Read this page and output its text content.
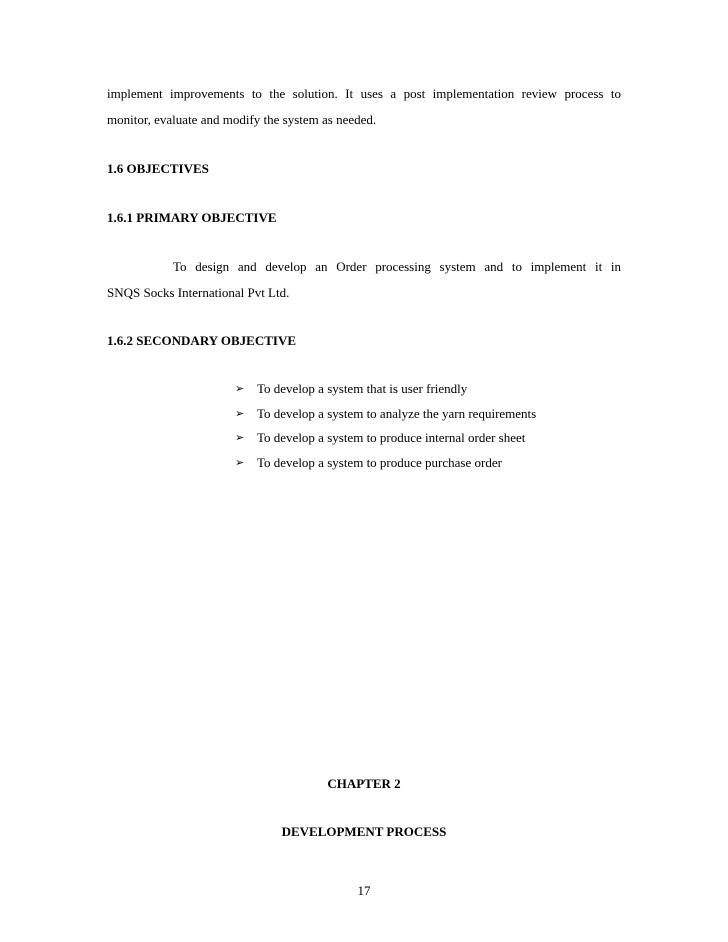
implement improvements to the solution. It uses a post implementation review process to
monitor, evaluate and modify the system as needed.
1.6 OBJECTIVES
1.6.1 PRIMARY OBJECTIVE
To design and develop an Order processing system and to implement it in
SNQS Socks International Pvt Ltd.
1.6.2 SECONDARY OBJECTIVE
➢ To develop a system that is user friendly
➢ To develop a system to analyze the yarn requirements
➢ To develop a system to produce internal order sheet
➢ To develop a system to produce purchase order
CHAPTER 2
DEVELOPMENT PROCESS
17
